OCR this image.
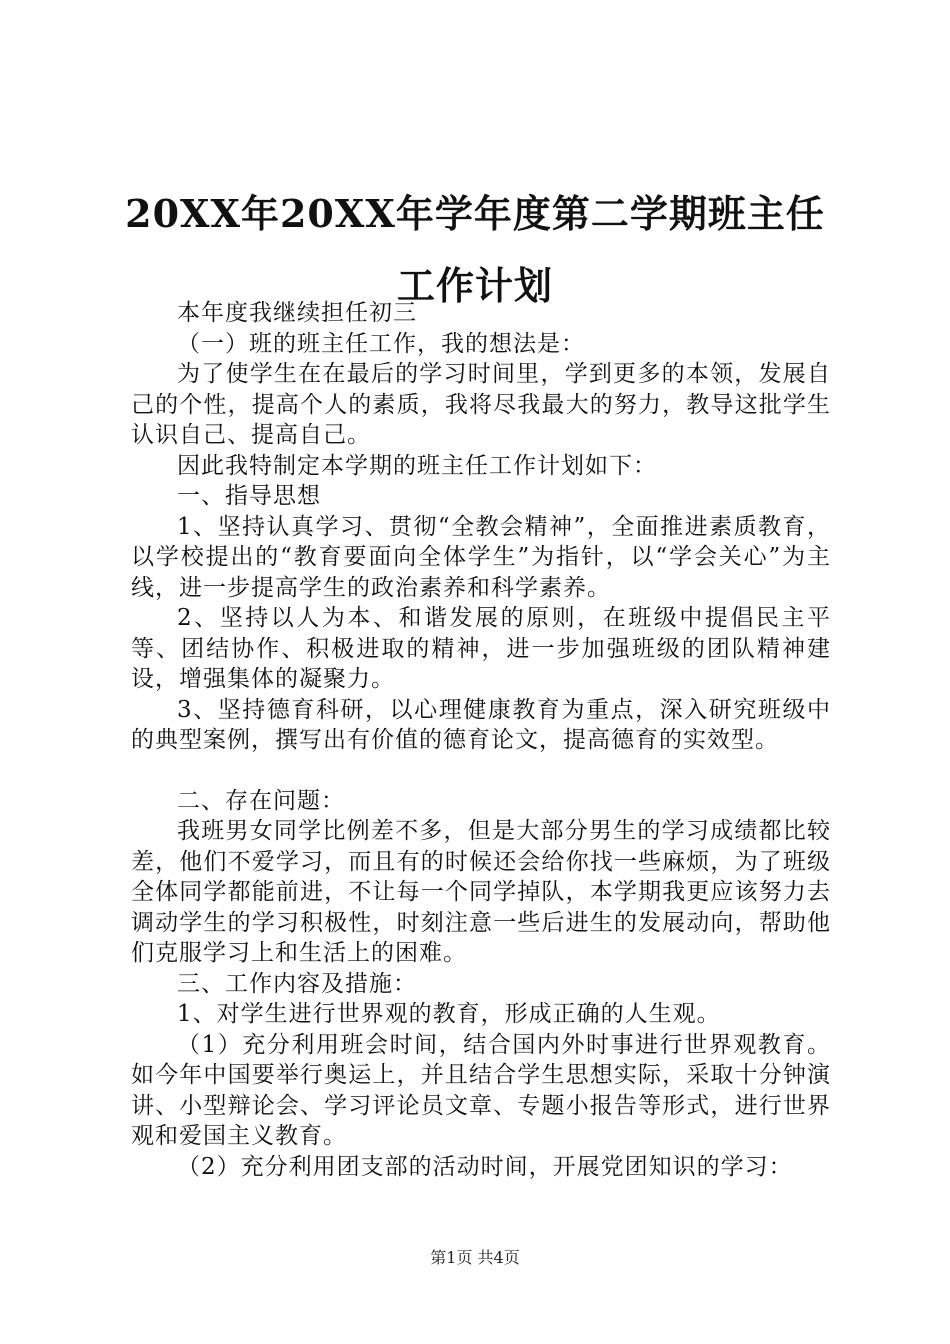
20XX年20XX年学年度第二学期班主任工作计划

本年度我继续担任初三

（一）班的班主任工作，我的想法是：

为了使学生在在最后的学习时间里，学到更多的本领，发展自己的个性，提高个人的素质，我将尽我最大的努力，教导这批学生认识自己、提高自己。

因此我特制定本学期的班主任工作计划如下：

一、指导思想

1、坚持认真学习、贯彻“全教会精神”，全面推进素质教育，以学校提出的“教育要面向全体学生”为指针，以“学会关心”为主线，进一步提高学生的政治素养和科学素养。

2、坚持以人为本、和谐发展的原则，在班级中提倡民主平等、团结协作、积极进取的精神，进一步加强班级的团队精神建设，增强集体的凝聚力。

3、坚持德育科研，以心理健康教育为重点，深入研究班级中的典型案例，撰写出有价值的德育论文，提高德育的实效型。

二、存在问题：

我班男女同学比例差不多，但是大部分男生的学习成绩都比较差，他们不爱学习，而且有的时候还会给你找一些麻烦，为了班级全体同学都能前进，不让每一个同学掉队，本学期我更应该努力去调动学生的学习积极性，时刻注意一些后进生的发展动向，帮助他们克服学习上和生活上的困难。

三、工作内容及措施：

1、对学生进行世界观的教育，形成正确的人生观。

（1）充分利用班会时间，结合国内外时事进行世界观教育。如今年中国要举行奥运上，并且结合学生思想实际，采取十分钟演讲、小型辩论会、学习评论员文章、专题小报告等形式，进行世界观和爱国主义教育。

（2）充分利用团支部的活动时间，开展党团知识的学习：

第1页 共4页
